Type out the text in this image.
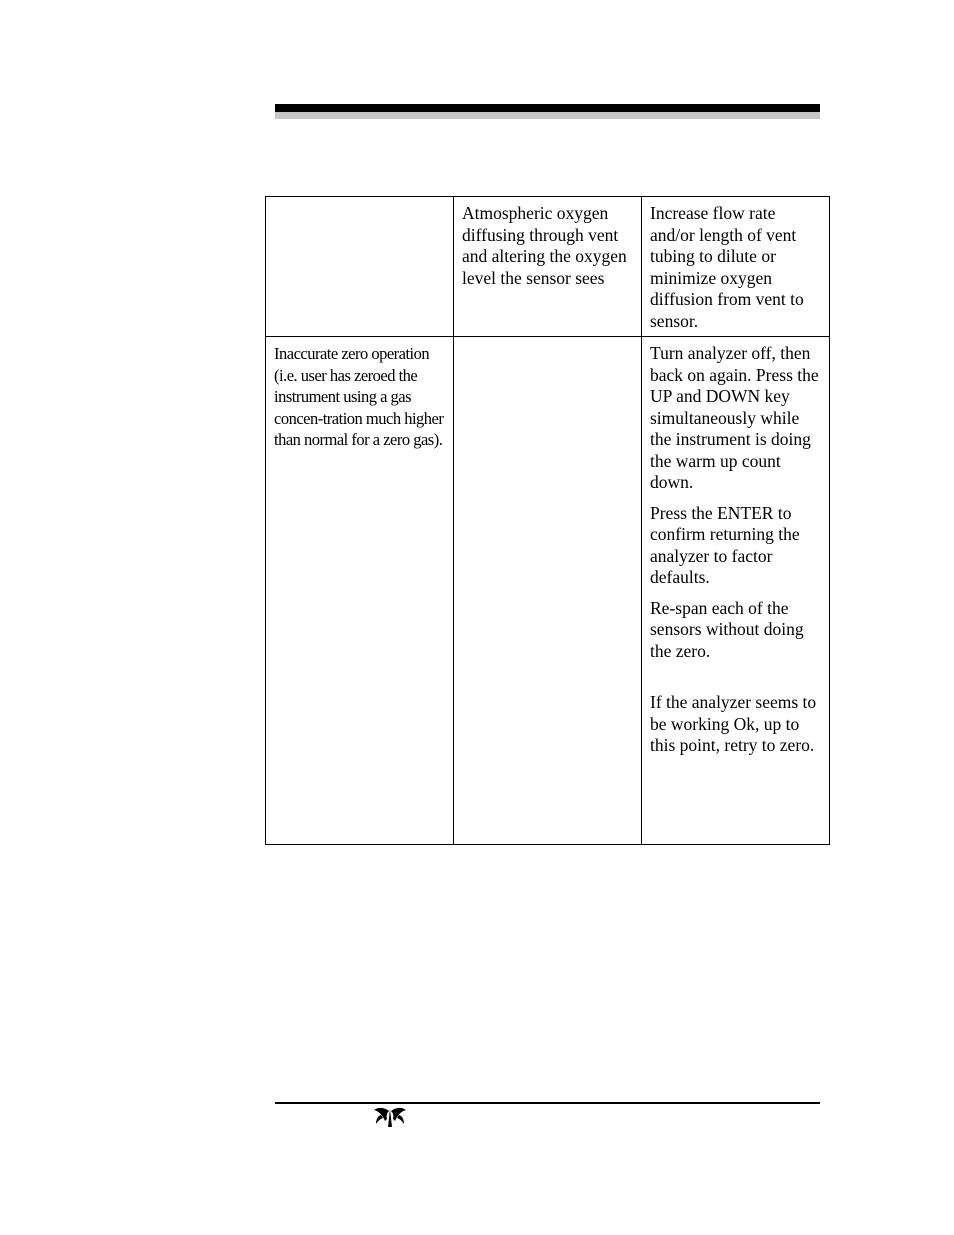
	Atmospheric oxygen diffusing through vent and altering the oxygen level the sensor sees	Increase flow rate and/or length of vent tubing to dilute or minimize oxygen diffusion from vent to sensor.

Inaccurate zero operation (i.e. user has zeroed the instrument using a gas concen-tration much higher than normal for a zero gas).		Turn analyzer off, then back on again. Press the UP and DOWN key simultaneously while the instrument is doing the warm up count down.
Press the ENTER to confirm returning the analyzer to factor defaults.
Re-span each of the sensors without doing the zero.
If the analyzer seems to be working Ok, up to this point, retry to zero.
